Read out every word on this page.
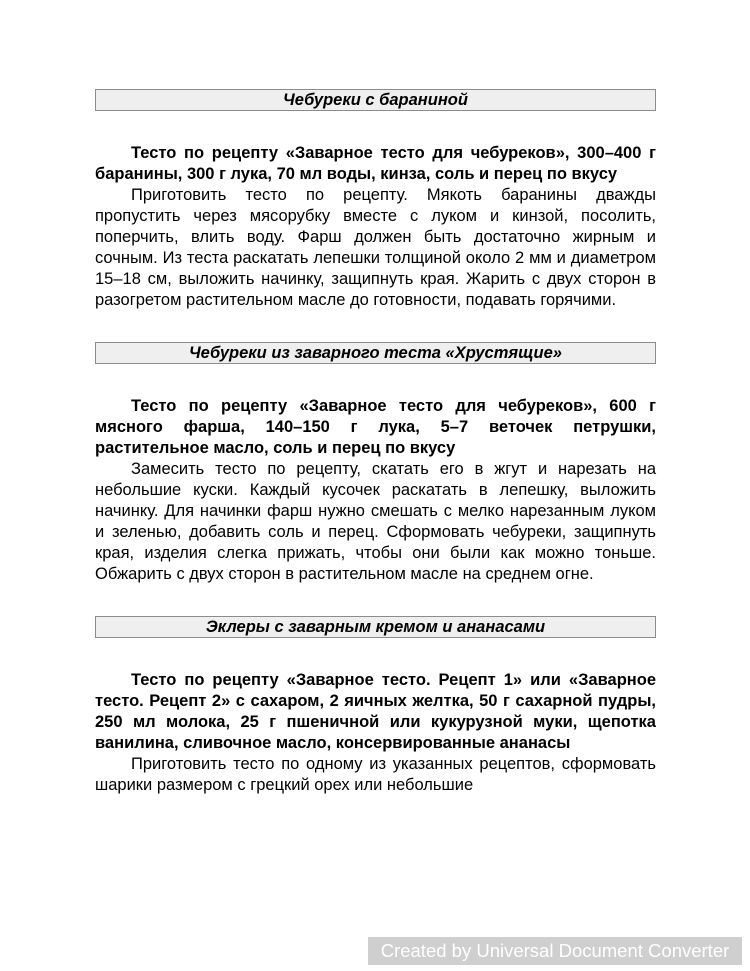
Чебуреки с бараниной
Тесто по рецепту «Заварное тесто для чебуреков», 300–400 г баранины, 300 г лука, 70 мл воды, кинза, соль и перец по вкусу
Приготовить тесто по рецепту. Мякоть баранины дважды пропустить через мясорубку вместе с луком и кинзой, посолить, поперчить, влить воду. Фарш должен быть достаточно жирным и сочным. Из теста раскатать лепешки толщиной около 2 мм и диаметром 15–18 см, выложить начинку, защипнуть края. Жарить с двух сторон в разогретом растительном масле до готовности, подавать горячими.
Чебуреки из заварного теста «Хрустящие»
Тесто по рецепту «Заварное тесто для чебуреков», 600 г мясного фарша, 140–150 г лука, 5–7 веточек петрушки, растительное масло, соль и перец по вкусу
Замесить тесто по рецепту, скатать его в жгут и нарезать на небольшие куски. Каждый кусочек раскатать в лепешку, выложить начинку. Для начинки фарш нужно смешать с мелко нарезанным луком и зеленью, добавить соль и перец. Сформовать чебуреки, защипнуть края, изделия слегка прижать, чтобы они были как можно тоньше. Обжарить с двух сторон в растительном масле на среднем огне.
Эклеры с заварным кремом и ананасами
Тесто по рецепту «Заварное тесто. Рецепт 1» или «Заварное тесто. Рецепт 2» с сахаром, 2 яичных желтка, 50 г сахарной пудры, 250 мл молока, 25 г пшеничной или кукурузной муки, щепотка ванилина, сливочное масло, консервированные ананасы
Приготовить тесто по одному из указанных рецептов, сформовать шарики размером с грецкий орех или небольшие
Created by Universal Document Converter
